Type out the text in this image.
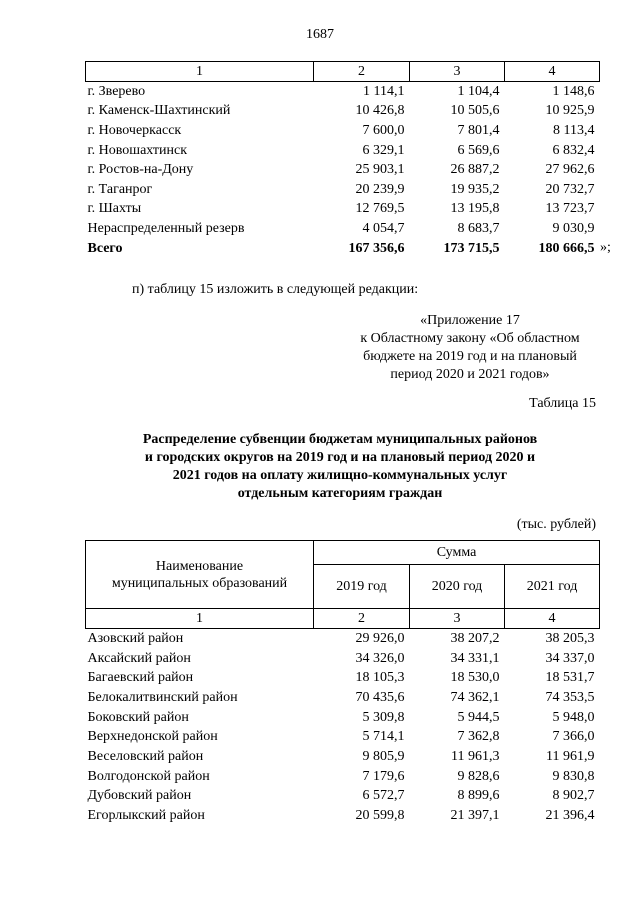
1687
1	2	3	4
г. Зверево	1 114,1	1 104,4	1 148,6
г. Каменск-Шахтинский	10 426,8	10 505,6	10 925,9
г. Новочеркасск	7 600,0	7 801,4	8 113,4
г. Новошахтинск	6 329,1	6 569,6	6 832,4
г. Ростов-на-Дону	25 903,1	26 887,2	27 962,6
г. Таганрог	20 239,9	19 935,2	20 732,7
г. Шахты	12 769,5	13 195,8	13 723,7
Нераспределенный резерв	4 054,7	8 683,7	9 030,9
Всего	167 356,6	173 715,5	180 666,5 »;
п) таблицу 15 изложить в следующей редакции:
«Приложение 17
к Областному закону «Об областном
бюджете на 2019 год и на плановый
период 2020 и 2021 годов»
Таблица 15
Распределение субвенции бюджетам муниципальных районов
и городских округов на 2019 год и на плановый период 2020 и
2021 годов на оплату жилищно-коммунальных услуг
отдельным категориям граждан
(тыс. рублей)
Наименование
муниципальных образований	Сумма		
	2019 год	2020 год	2021 год
1	2	3	4
Азовский район	29 926,0	38 207,2	38 205,3
Аксайский район	34 326,0	34 331,1	34 337,0
Багаевский район	18 105,3	18 530,0	18 531,7
Белокалитвинский район	70 435,6	74 362,1	74 353,5
Боковский район	5 309,8	5 944,5	5 948,0
Верхнедонской район	5 714,1	7 362,8	7 366,0
Веселовский район	9 805,9	11 961,3	11 961,9
Волгодонской район	7 179,6	9 828,6	9 830,8
Дубовский район	6 572,7	8 899,6	8 902,7
Егорлыкский район	20 599,8	21 397,1	21 396,4
